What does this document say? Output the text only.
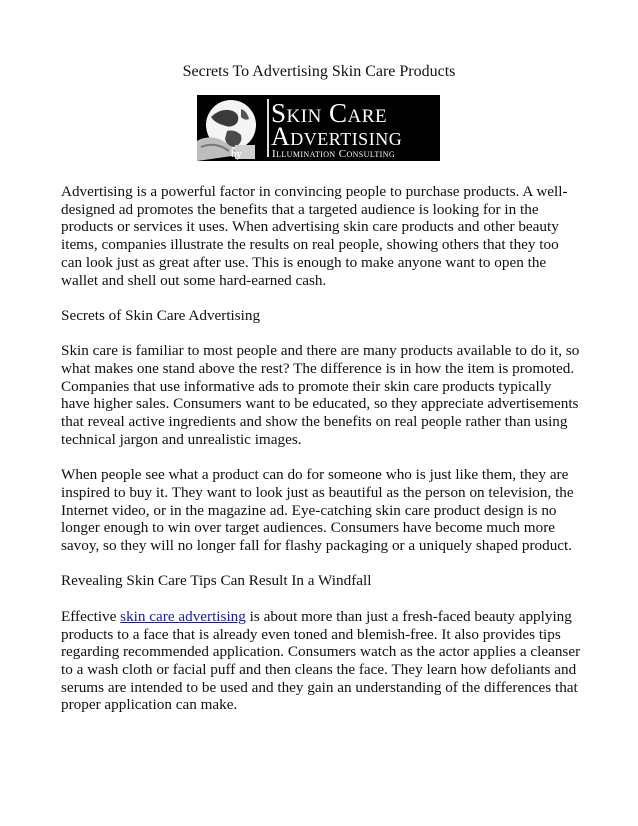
Secrets To Advertising Skin Care Products
Skin Care
Advertising
by	Illumination Consulting

Advertising is a powerful factor in convincing people to purchase products. A well-designed ad promotes the benefits that a targeted audience is looking for in the products or services it uses. When advertising skin care products and other beauty items, companies illustrate the results on real people, showing others that they too can look just as great after use. This is enough to make anyone want to open the wallet and shell out some hard-earned cash.

Secrets of Skin Care Advertising

Skin care is familiar to most people and there are many products available to do it, so what makes one stand above the rest? The difference is in how the item is promoted. Companies that use informative ads to promote their skin care products typically have higher sales. Consumers want to be educated, so they appreciate advertisements that reveal active ingredients and show the benefits on real people rather than using technical jargon and unrealistic images.

When people see what a product can do for someone who is just like them, they are inspired to buy it. They want to look just as beautiful as the person on television, the Internet video, or in the magazine ad. Eye-catching skin care product design is no longer enough to win over target audiences. Consumers have become much more savoy, so they will no longer fall for flashy packaging or a uniquely shaped product.

Revealing Skin Care Tips Can Result In a Windfall

Effective skin care advertising is about more than just a fresh-faced beauty applying products to a face that is already even toned and blemish-free. It also provides tips regarding recommended application. Consumers watch as the actor applies a cleanser to a wash cloth or facial puff and then cleans the face. They learn how defoliants and serums are intended to be used and they gain an understanding of the differences that proper application can make.
